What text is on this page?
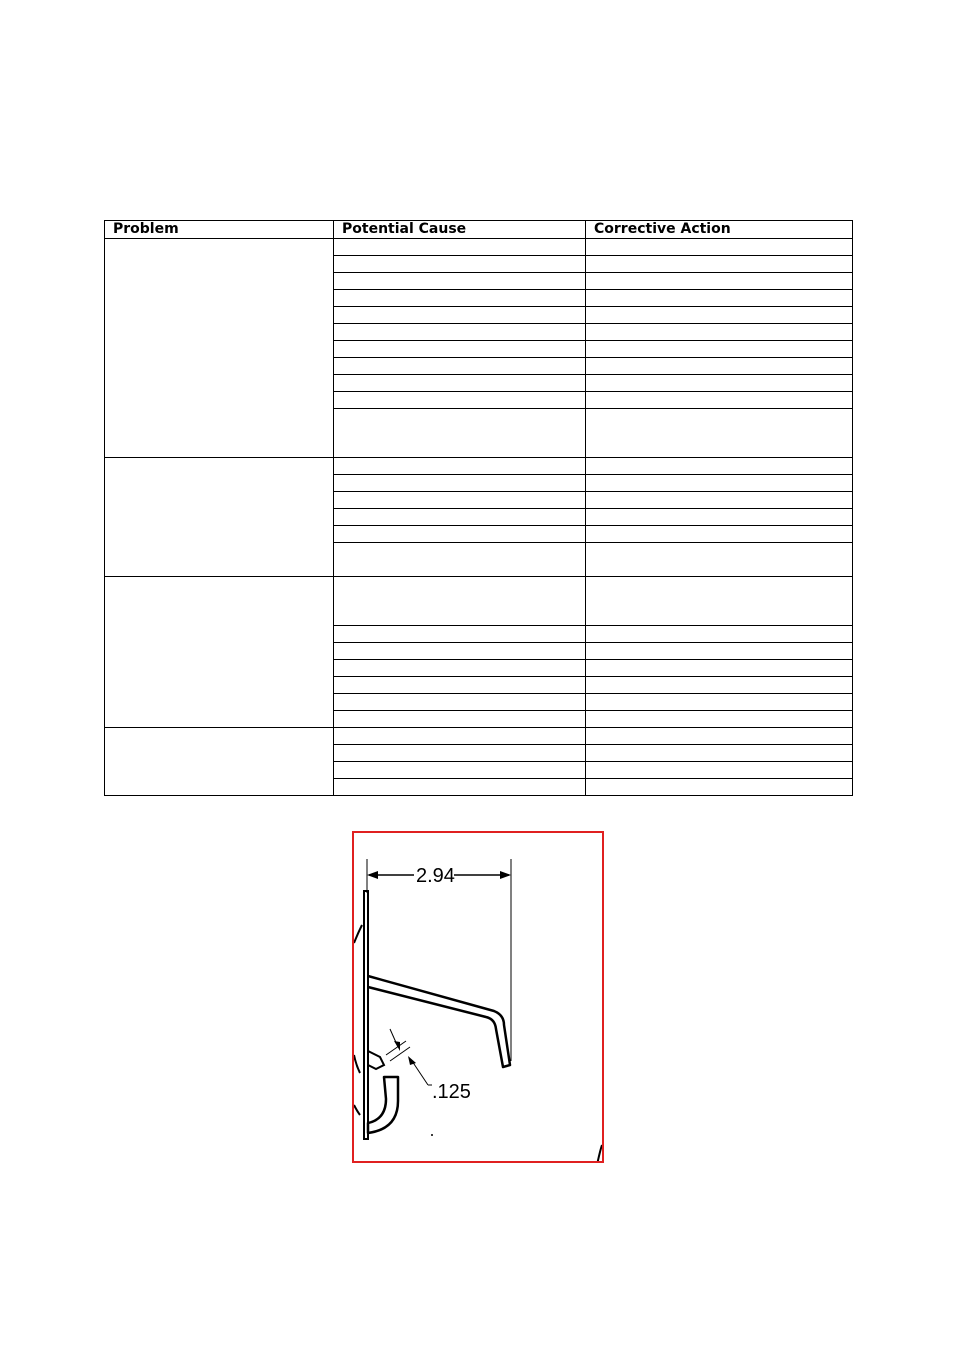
Problem	Potential Cause	Corrective Action

2.94
.125
